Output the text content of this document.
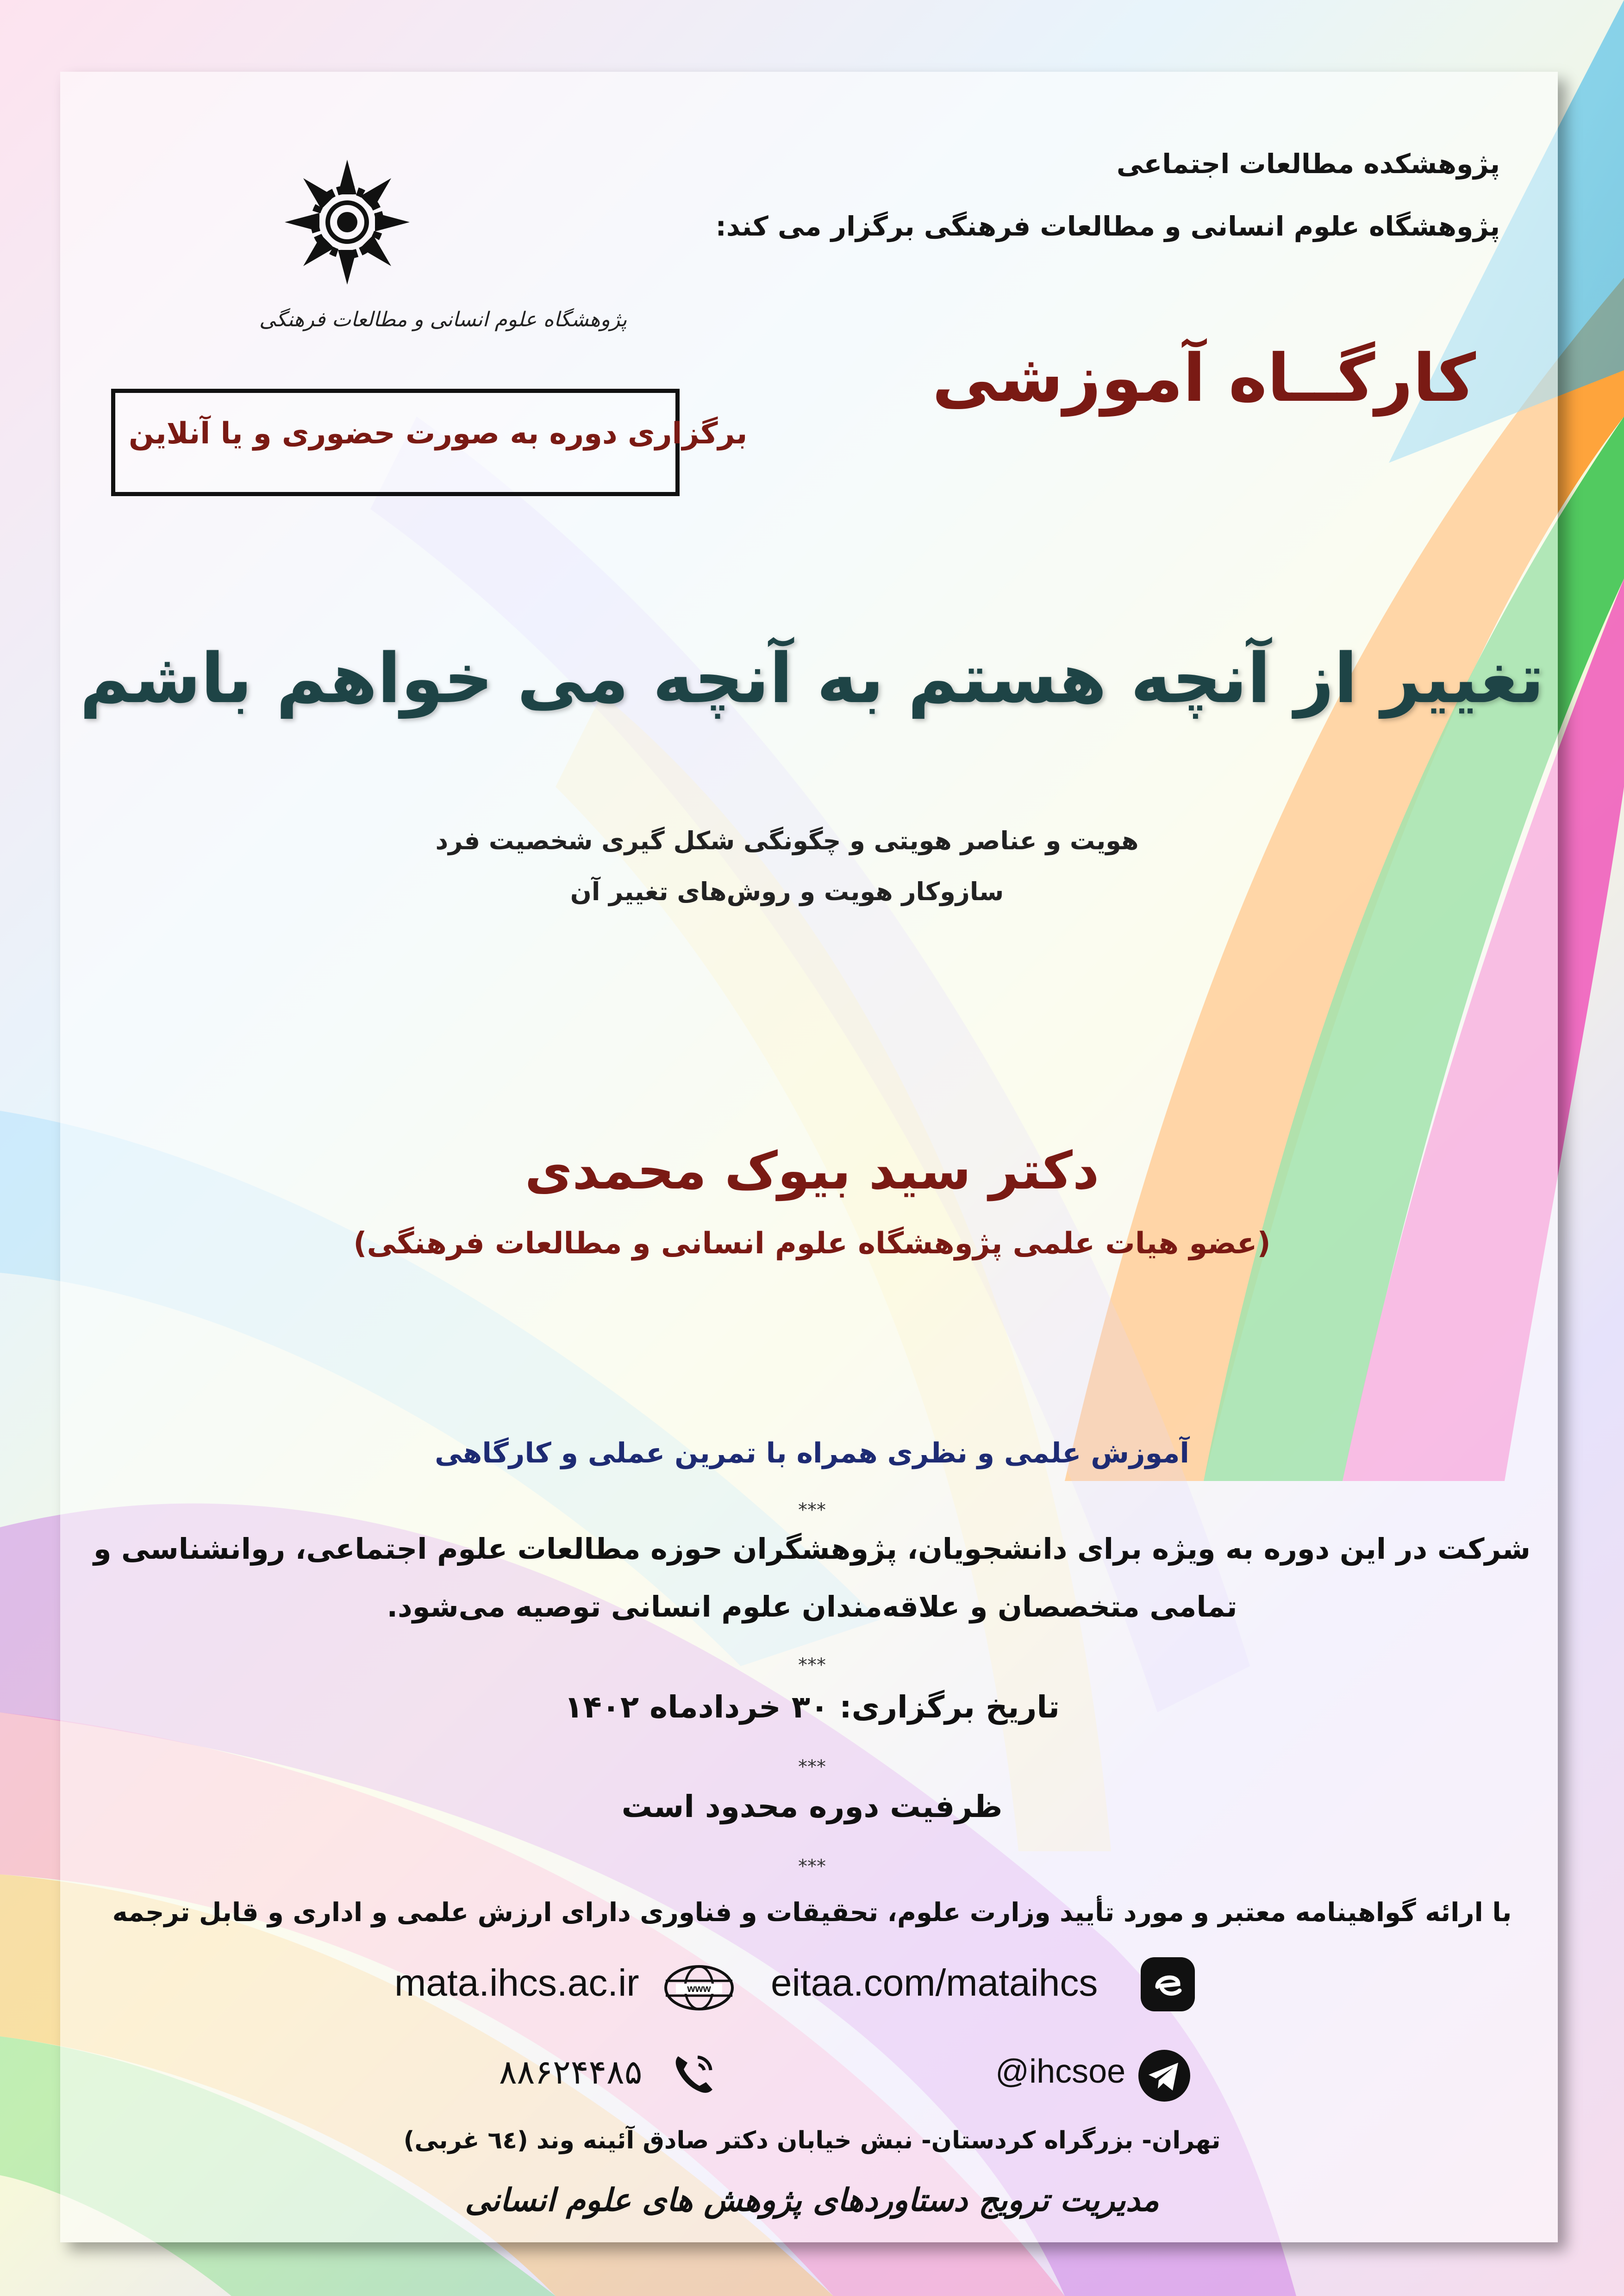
پژوهشگاه علوم انسانی و مطالعات فرهنگی
پژوهشکده مطالعات اجتماعی
پژوهشگاه علوم انسانی و مطالعات فرهنگی برگزار می کند:
کارگــاه آموزشی
برگزاری دوره به صورت حضوری و یا آنلاین
تغییر از آنچه هستم به آنچه می خواهم باشم
هویت و عناصر هویتی و چگونگی شکل گیری شخصیت فرد
سازوکار هویت و روش‌های تغییر آن
دکتر سید بیوک محمدی
(عضو هیات علمی پژوهشگاه علوم انسانی و مطالعات فرهنگی)
آموزش علمی و نظری همراه با تمرین عملی و کارگاهی
***
شرکت در این دوره به ویژه برای دانشجویان، پژوهشگران حوزه مطالعات علوم اجتماعی، روانشناسی و
تمامی متخصصان و علاقه‌مندان علوم انسانی توصیه می‌شود.
***
تاریخ برگزاری: ۳۰ خردادماه ۱۴۰۲
***
ظرفیت دوره محدود است
***
با ارائه گواهینامه معتبر و مورد تأیید وزارت علوم، تحقیقات و فناوری دارای ارزش علمی و اداری و قابل ترجمه
mata.ihcs.ac.ir	www eitaa.com/mataihcs
۸۸۶۲۴۴۸۵	@ihcsoe
تهران- بزرگراه کردستان- نبش خیابان دکتر صادق آئینه وند (٦٤ غربی)
مدیریت ترویج دستاوردهای پژوهش های علوم انسانی
